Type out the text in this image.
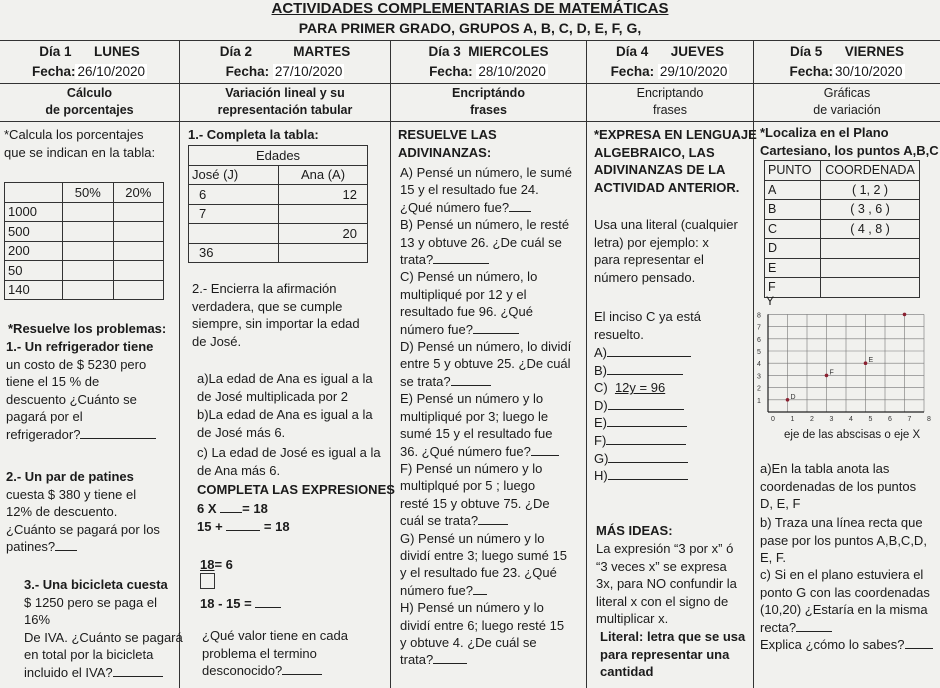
ACTIVIDADES COMPLEMENTARIAS DE MATEMÁTICAS
PARA PRIMER GRADO, GRUPOS A, B, C, D, E, F, G,
Día 1 LUNES
Fecha: 26/10/2020
Cálculo
de porcentajes
Día 2	MARTES
Fecha: 27/10/2020
Variación lineal y su
representación tabular
Día 3 MIERCOLES
Fecha: 28/10/2020
Encriptándo
frases
Día 4 JUEVES
Fecha: 29/10/2020
Encriptando
frases
Día 5 VIERNES
Fecha: 30/10/2020
Gráficas
de variación
*Calcula los porcentajes
que se indican en la tabla:
	50%	20%
1000		
500		
200		
50		
140		
*Resuelve los problemas:
1.- Un refrigerador tiene
un costo de $ 5230 pero
tiene el 15 % de
descuento ¿Cuánto se
pagará por el
refrigerador?
2.- Un par de patines
cuesta $ 380 y tiene el
12% de descuento.
¿Cuánto se pagará por los
patines?
3.- Una bicicleta cuesta
$ 1250 pero se paga el
16%
De IVA. ¿Cuánto se pagará
en total por la bicicleta
incluido el IVA?
1.- Completa la tabla:
Edades	
José (J)	Ana (A)
6	12
7	
	20
36	
2.- Encierra la afirmación
verdadera, que se cumple
siempre, sin importar la edad
de José.
a)La edad de Ana es igual a la
de José multiplicada por 2
b)La edad de Ana es igual a la
de José más 6.
c) La edad de José es igual a la
de Ana más 6.
COMPLETA LAS EXPRESIONES
6 X = 18
15 +	= 18
18= 6
18 - 15 =
¿Qué valor tiene en cada
problema el termino
desconocido?
RESUELVE LAS
ADIVINANZAS:
A) Pensé un número, le sumé
15 y el resultado fue 24.
¿Qué número fue?
B) Pensé un número, le resté
13 y obtuve 26. ¿De cuál se
trata?
C) Pensé un número, lo
multipliqué por 12 y el
resultado fue 96. ¿Qué
número fue?
D) Pensé un número, lo dividí
entre 5 y obtuve 25. ¿De cuál
se trata?
E) Pensé un número y lo
multipliqué por 3; luego le
sumé 15 y el resultado fue
36. ¿Qué número fue?
F) Pensé un número y lo
multiplqué por 5 ; luego
resté 15 y obtuve 75. ¿De
cuál se trata?
G) Pensé un número y lo
dividí entre 3; luego sumé 15
y el resultado fue 23. ¿Qué
número fue?
H) Pensé un número y lo
dividí entre 6; luego resté 15
y obtuve 4. ¿De cuál se
trata?
*EXPRESA EN LENGUAJE
ALGEBRAICO, LAS
ADIVINANZAS DE LA
ACTIVIDAD ANTERIOR.
Usa una literal (cualquier
letra) por ejemplo: x
para representar el
número pensado.
El inciso C ya está
resuelto.
A)
B)
C) 12y = 96
D)
E)
F)
G)
H)
MÁS IDEAS:
La expresión “3 por x” ó
“3 veces x” se expresa
3x, para NO confundir la
literal x con el signo de
multiplicar x.
Literal: letra que se usa
para representar una
cantidad
*Localiza en el Plano
Cartesiano, los puntos A,B,C
PUNTO	COORDENADA
A	( 1, 2 )
B	( 3 , 6 )
C	( 4 , 8 )
D	
E	
F	
Y
0 1 2 3 4 5 6 7 8
1
2
3
4
5
6
7
8
D
F
E
eje de las abscisas o eje X
a)En la tabla anota las
coordenadas de los puntos
D, E, F
b) Traza una línea recta que
pase por los puntos A,B,C,D,
E, F.
c) Si en el plano estuviera el
ponto G con las coordenadas
(10,20) ¿Estaría en la misma
recta?
Explica ¿cómo lo sabes?
